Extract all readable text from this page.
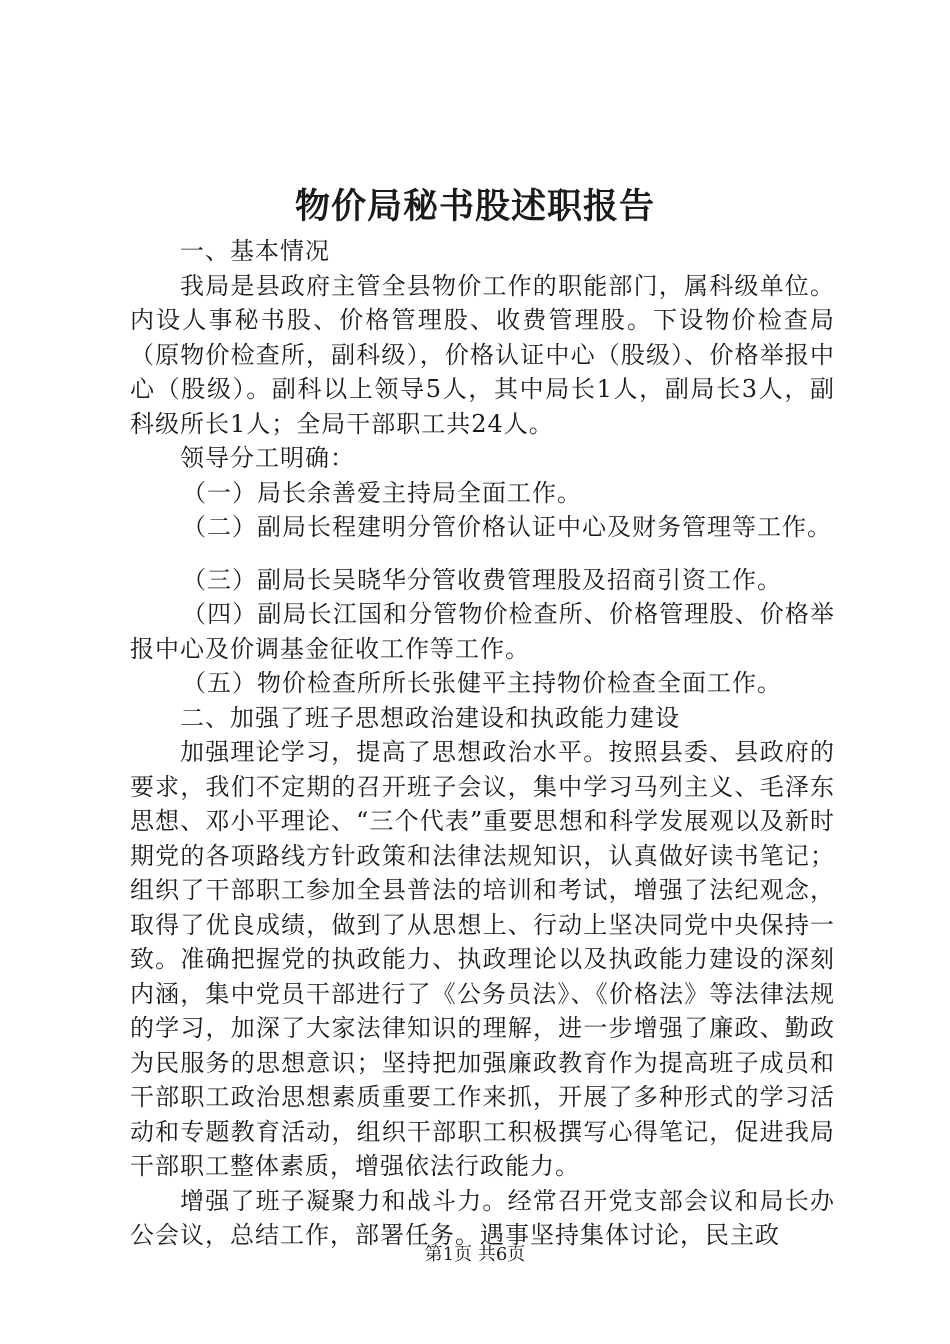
物价局秘书股述职报告

一、基本情况

我局是县政府主管全县物价工作的职能部门，属科级单位。内设人事秘书股、价格管理股、收费管理股。下设物价检查局（原物价检查所，副科级），价格认证中心（股级）、价格举报中心（股级）。副科以上领导5人，其中局长1人，副局长3人，副科级所长1人；全局干部职工共24人。

领导分工明确：

（一）局长余善爱主持局全面工作。

（二）副局长程建明分管价格认证中心及财务管理等工作。

（三）副局长吴晓华分管收费管理股及招商引资工作。

（四）副局长江国和分管物价检查所、价格管理股、价格举报中心及价调基金征收工作等工作。

（五）物价检查所所长张健平主持物价检查全面工作。

二、加强了班子思想政治建设和执政能力建设

加强理论学习，提高了思想政治水平。按照县委、县政府的要求，我们不定期的召开班子会议，集中学习马列主义、毛泽东思想、邓小平理论、“三个代表”重要思想和科学发展观以及新时期党的各项路线方针政策和法律法规知识，认真做好读书笔记；组织了干部职工参加全县普法的培训和考试，增强了法纪观念，取得了优良成绩，做到了从思想上、行动上坚决同党中央保持一致。准确把握党的执政能力、执政理论以及执政能力建设的深刻内涵，集中党员干部进行了《公务员法》、《价格法》等法律法规的学习，加深了大家法律知识的理解，进一步增强了廉政、勤政为民服务的思想意识；坚持把加强廉政教育作为提高班子成员和干部职工政治思想素质重要工作来抓，开展了多种形式的学习活动和专题教育活动，组织干部职工积极撰写心得笔记，促进我局干部职工整体素质，增强依法行政能力。

增强了班子凝聚力和战斗力。经常召开党支部会议和局长办公会议，总结工作，部署任务。遇事坚持集体讨论，民主政

第1页 共6页
